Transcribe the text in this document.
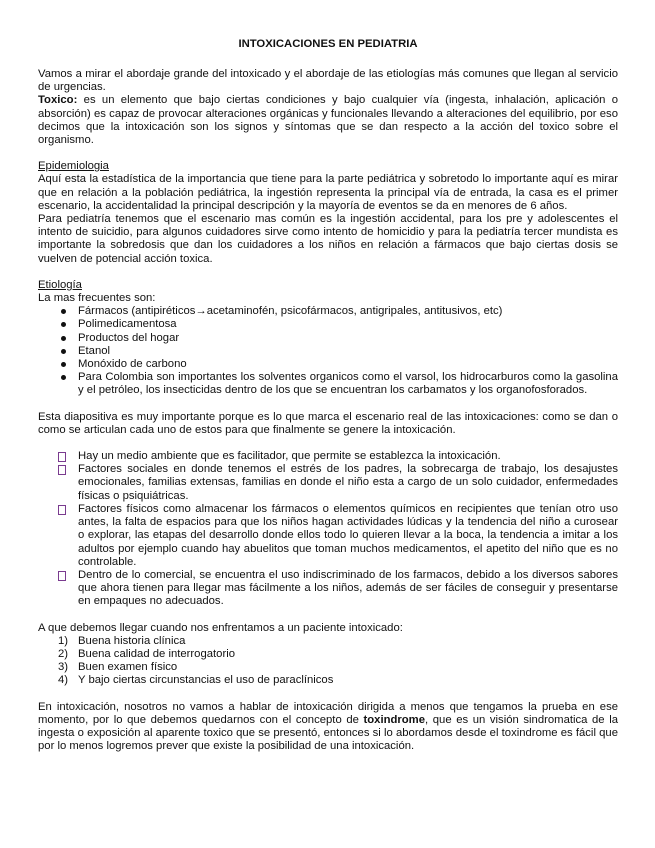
INTOXICACIONES EN PEDIATRIA

Vamos a mirar el abordaje grande del intoxicado y el abordaje de las etiologías más comunes que llegan al servicio de urgencias.

Toxico: es un elemento que bajo ciertas condiciones y bajo cualquier vía (ingesta, inhalación, aplicación o absorción) es capaz de provocar alteraciones orgánicas y funcionales llevando a alteraciones del equilibrio, por eso decimos que la intoxicación son los signos y síntomas que se dan respecto a la acción del toxico sobre el organismo.

Epidemiologia

Aquí esta la estadística de la importancia que tiene para la parte pediátrica y sobretodo lo importante aquí es mirar que en relación a la población pediátrica, la ingestión representa la principal vía de entrada, la casa es el primer escenario, la accidentalidad la principal descripción y la mayoría de eventos se da en menores de 6 años.

Para pediatría tenemos que el escenario mas común es la ingestión accidental, para los pre y adolescentes el intento de suicidio, para algunos cuidadores sirve como intento de homicidio y para la pediatría tercer mundista es importante la sobredosis que dan los cuidadores a los niños en relación a fármacos que bajo ciertas dosis se vuelven de potencial acción toxica.

Etiología

La mas frecuentes son:

Fármacos (antipiréticos→acetaminofén, psicofármacos, antigripales, antitusivos, etc)
Polimedicamentosa
Productos del hogar
Etanol
Monóxido de carbono
Para Colombia son importantes los solventes organicos como el varsol, los hidrocarburos como la gasolina y el petróleo, los insecticidas dentro de los que se encuentran los carbamatos y los organofosforados.

Esta diapositiva es muy importante porque es lo que marca el escenario real de las intoxicaciones: como se dan o como se articulan cada uno de estos para que finalmente se genere la intoxicación.

Hay un medio ambiente que es facilitador, que permite se establezca la intoxicación.
Factores sociales en donde tenemos el estrés de los padres, la sobrecarga de trabajo, los desajustes emocionales, familias extensas, familias en donde el niño esta a cargo de un solo cuidador, enfermedades físicas o psiquiátricas.
Factores físicos como almacenar los fármacos o elementos químicos en recipientes que tenían otro uso antes, la falta de espacios para que los niños hagan actividades lúdicas y la tendencia del niño a curosear o explorar, las etapas del desarrollo donde ellos todo lo quieren llevar a la boca, la tendencia a imitar a los adultos por ejemplo cuando hay abuelitos que toman muchos medicamentos, el apetito del niño que es no controlable.
Dentro de lo comercial, se encuentra el uso indiscriminado de los farmacos, debido a los diversos sabores que ahora tienen para llegar mas fácilmente a los niños, además de ser fáciles de conseguir y presentarse en empaques no adecuados.

A que debemos llegar cuando nos enfrentamos a un paciente intoxicado:

1) Buena historia clínica
2) Buena calidad de interrogatorio
3) Buen examen físico
4) Y bajo ciertas circunstancias el uso de paraclínicos

En intoxicación, nosotros no vamos a hablar de intoxicación dirigida a menos que tengamos la prueba en ese momento, por lo que debemos quedarnos con el concepto de toxindrome, que es un visión sindromatica de la ingesta o exposición al aparente toxico que se presentó, entonces si lo abordamos desde el toxindrome es fácil que por lo menos logremos prever que existe la posibilidad de una intoxicación.
